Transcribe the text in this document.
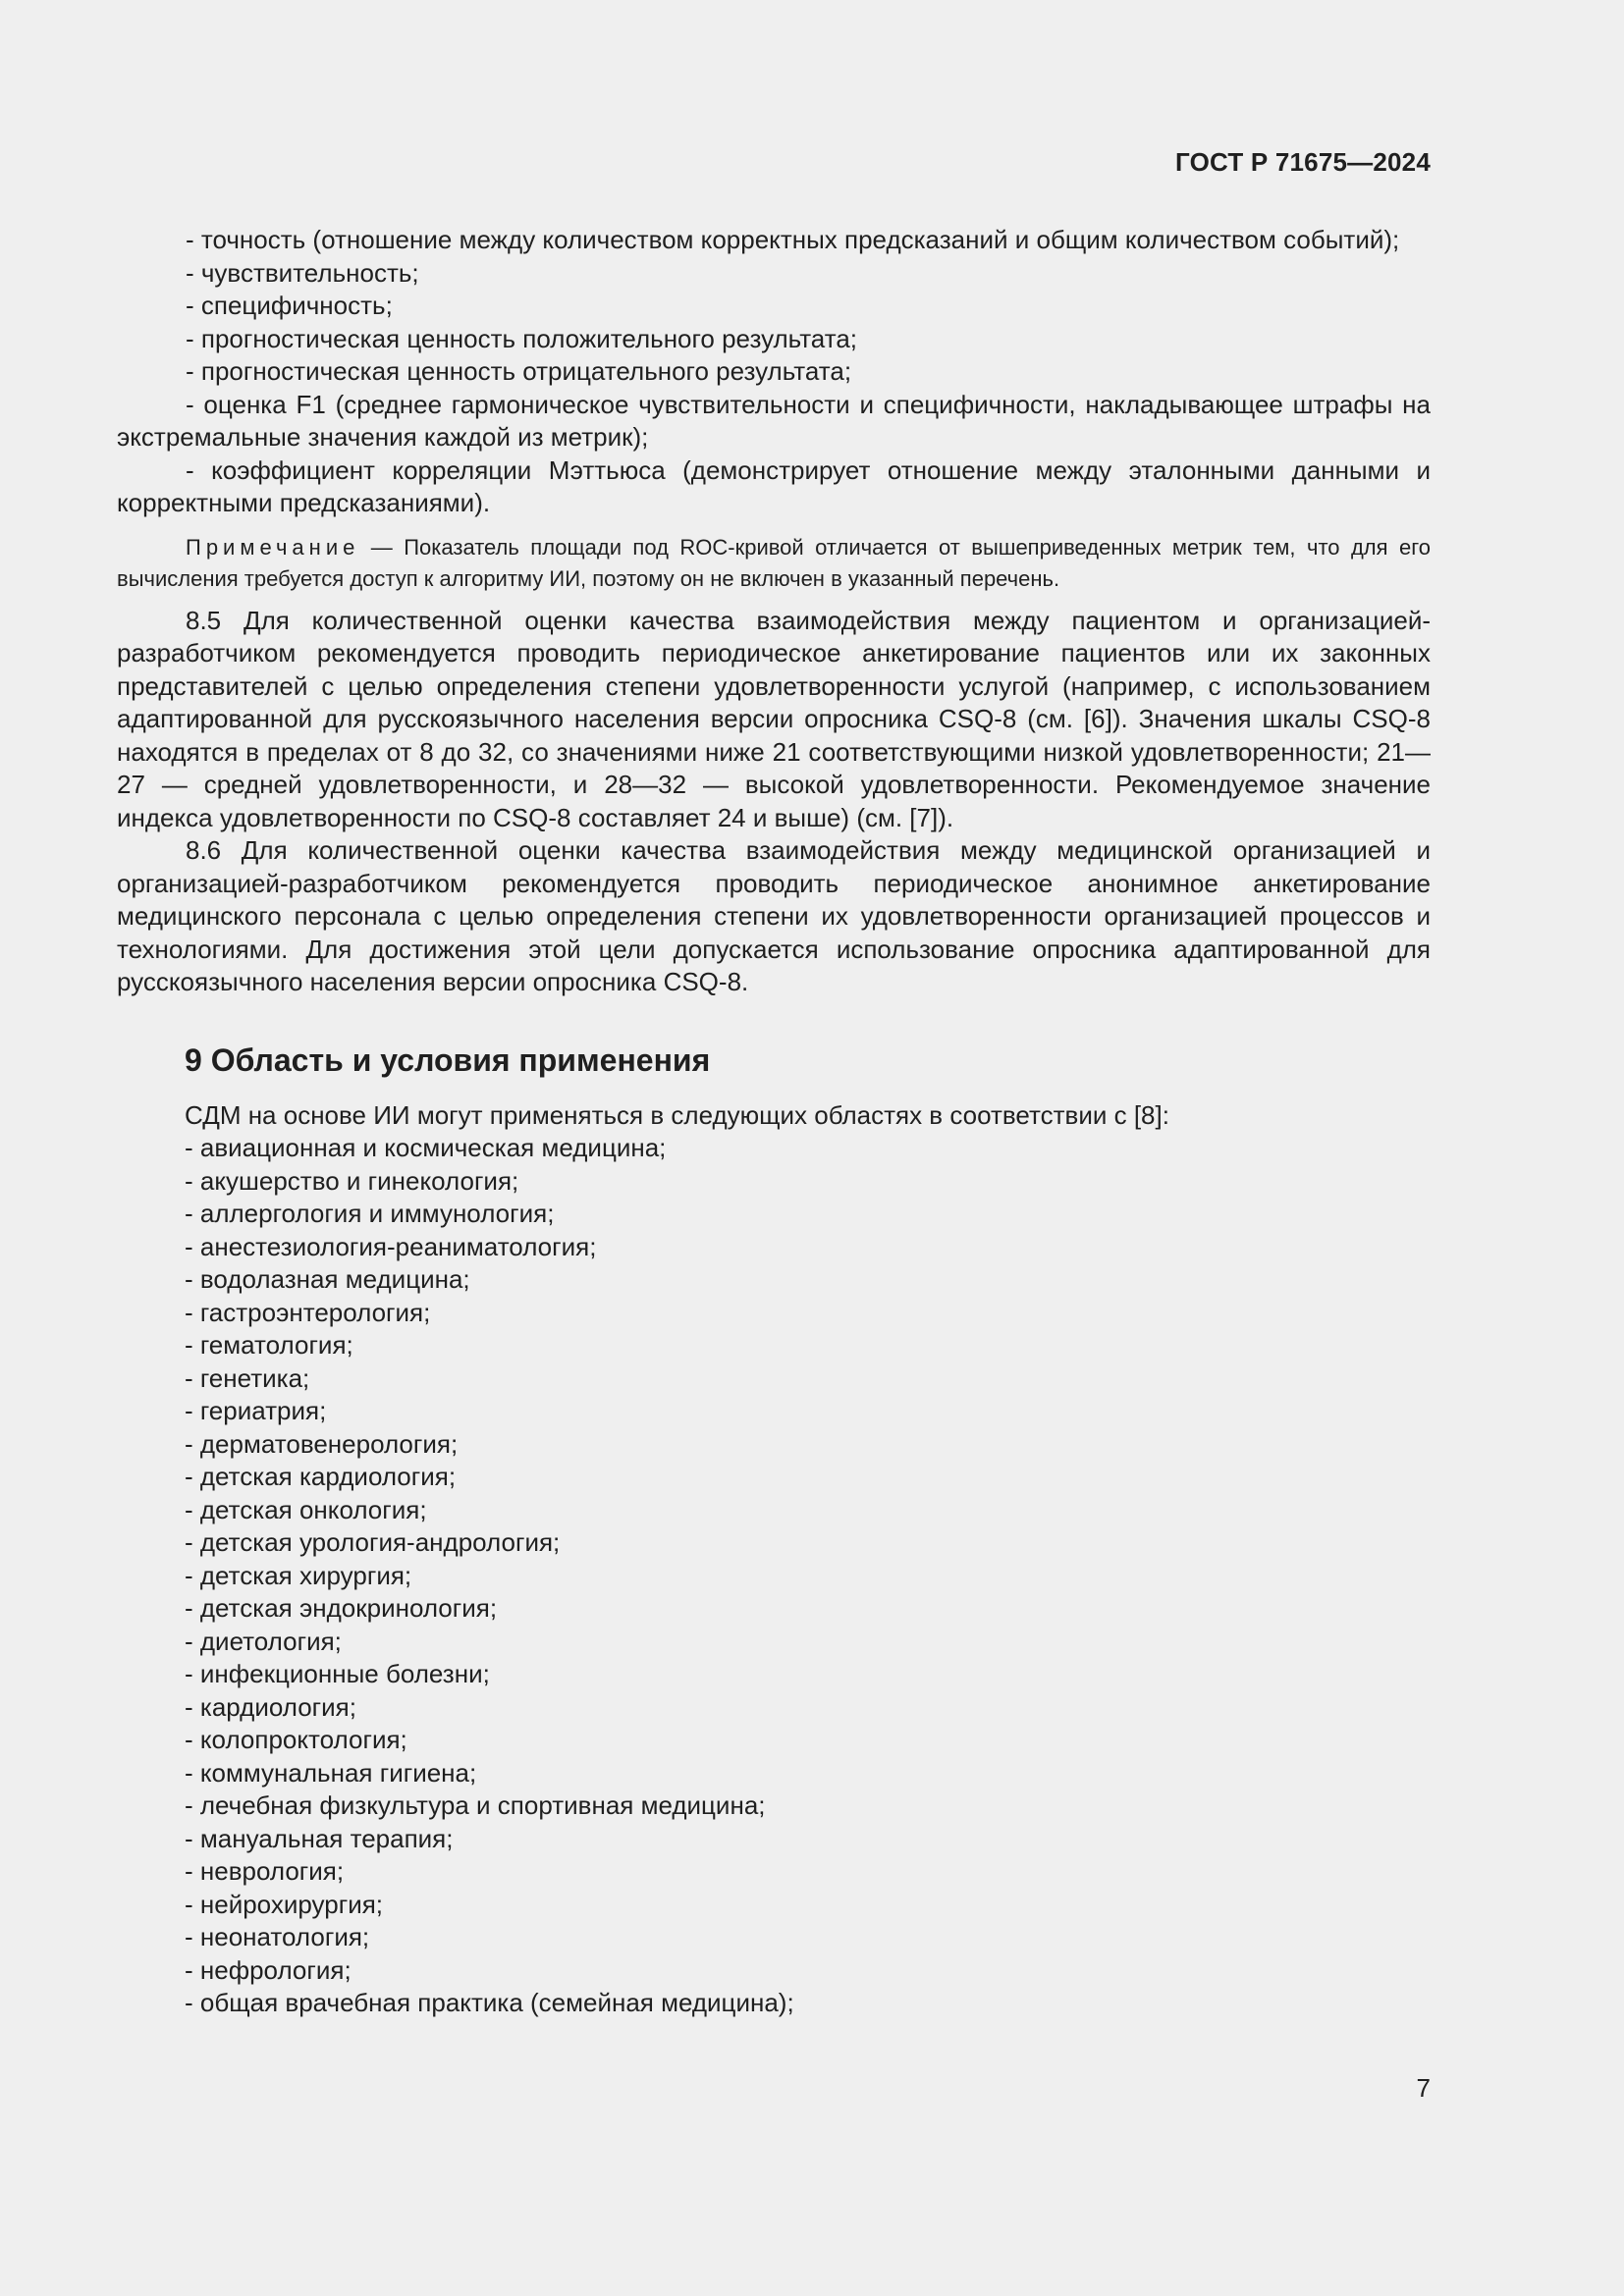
ГОСТ Р 71675—2024

- точность (отношение между количеством корректных предсказаний и общим количеством событий);

- чувствительность;

- специфичность;

- прогностическая ценность положительного результата;

- прогностическая ценность отрицательного результата;

- оценка F1 (среднее гармоническое чувствительности и специфичности, накладывающее штрафы на экстремальные значения каждой из метрик);

- коэффициент корреляции Мэттьюса (демонстрирует отношение между эталонными данными и корректными предсказаниями).

Примечание — Показатель площади под ROC-кривой отличается от вышеприведенных метрик тем, что для его вычисления требуется доступ к алгоритму ИИ, поэтому он не включен в указанный перечень.

8.5 Для количественной оценки качества взаимодействия между пациентом и организацией-разработчиком рекомендуется проводить периодическое анкетирование пациентов или их законных представителей с целью определения степени удовлетворенности услугой (например, с использованием адаптированной для русскоязычного населения версии опросника CSQ-8 (см. [6]). Значения шкалы CSQ-8 находятся в пределах от 8 до 32, со значениями ниже 21 соответствующими низкой удовлетворенности; 21—27 — средней удовлетворенности, и 28—32 — высокой удовлетворенности. Рекомендуемое значение индекса удовлетворенности по CSQ-8 составляет 24 и выше) (см. [7]).

8.6 Для количественной оценки качества взаимодействия между медицинской организацией и организацией-разработчиком рекомендуется проводить периодическое анонимное анкетирование медицинского персонала с целью определения степени их удовлетворенности организацией процессов и технологиями. Для достижения этой цели допускается использование опросника адаптированной для русскоязычного населения версии опросника CSQ-8.

9 Область и условия применения

СДМ на основе ИИ могут применяться в следующих областях в соответствии с [8]:

- авиационная и космическая медицина;

- акушерство и гинекология;

- аллергология и иммунология;

- анестезиология-реаниматология;

- водолазная медицина;

- гастроэнтерология;

- гематология;

- генетика;

- гериатрия;

- дерматовенерология;

- детская кардиология;

- детская онкология;

- детская урология-андрология;

- детская хирургия;

- детская эндокринология;

- диетология;

- инфекционные болезни;

- кардиология;

- колопроктология;

- коммунальная гигиена;

- лечебная физкультура и спортивная медицина;

- мануальная терапия;

- неврология;

- нейрохирургия;

- неонатология;

- нефрология;

- общая врачебная практика (семейная медицина);

7
